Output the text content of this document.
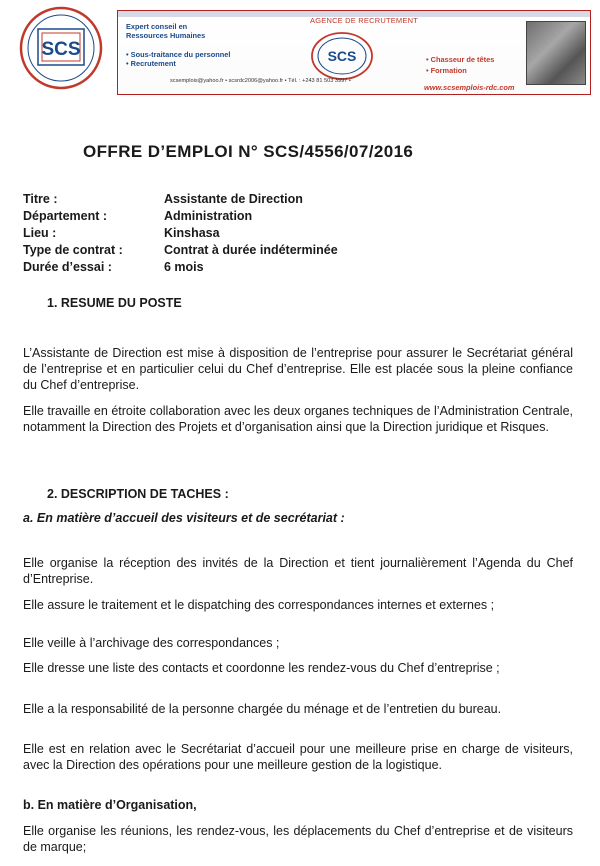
SCS
AGENCE DE RECRUTEMENT
Expert conseil en
Ressources Humaines
• Sous-traitance du personnel
• Recrutement	SCS	• Chasseur de têtes
• Formation
scsemplois@yahoo.fr • scsrdc2006@yahoo.fr • Tél. : +243 81 503 3997 •
www.scsemplois-rdc.com
OFFRE D’EMPLOI N° SCS/4556/07/2016
Titre :	Assistante de Direction
Département :	Administration
Lieu :	Kinshasa
Type de contrat :	Contrat à durée indéterminée
Durée d’essai :	6 mois
1. RESUME DU POSTE

L’Assistante de Direction est mise à disposition de l’entreprise pour assurer le Secrétariat général de l’entreprise et en particulier celui du Chef d’entreprise. Elle est placée sous la pleine confiance du Chef d’entreprise.

Elle travaille en étroite collaboration avec les deux organes techniques de l’Administration Centrale, notamment la Direction des Projets et d’organisation ainsi que la Direction juridique et Risques.

2. DESCRIPTION DE TACHES :
a. En matière d’accueil des visiteurs et de secrétariat :

Elle organise la réception des invités de la Direction et tient journalièrement l’Agenda du Chef d’Entreprise.

Elle assure le traitement et le dispatching des correspondances internes et externes ;

Elle veille à l’archivage des correspondances ;

Elle dresse une liste des contacts et coordonne les rendez-vous du Chef d’entreprise ;

Elle a la responsabilité de la personne chargée du ménage et de l’entretien du bureau.

Elle est en relation avec le Secrétariat d’accueil pour une meilleure prise en charge de visiteurs, avec la Direction des opérations pour une meilleure gestion de la logistique.

b. En matière d’Organisation,

Elle organise les réunions, les rendez-vous, les déplacements du Chef d’entreprise et de visiteurs de marque;
